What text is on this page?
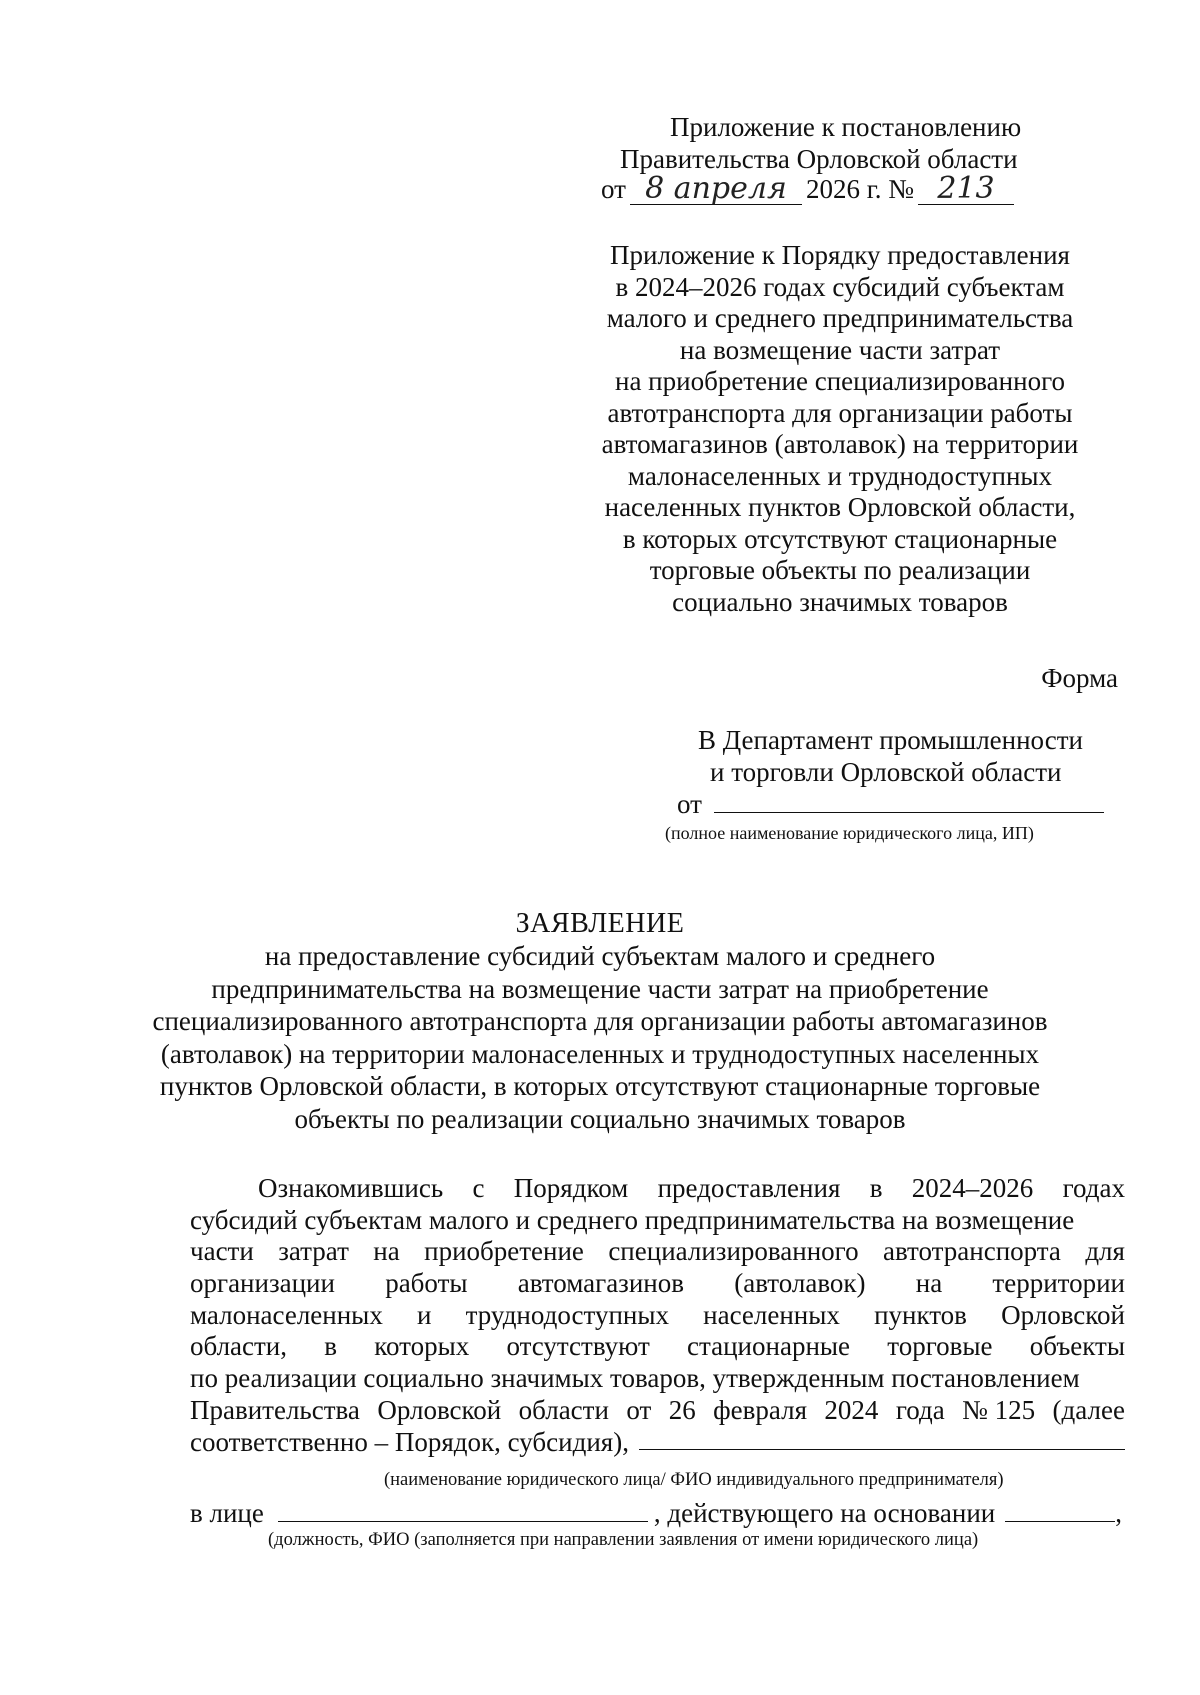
Приложение к постановлению
Правительства Орловской области
от 8 апреля 2026 г. № 213
Приложение к Порядку предоставления
в 2024–2026 годах субсидий субъектам
малого и среднего предпринимательства
на возмещение части затрат
на приобретение специализированного
автотранспорта для организации работы
автомагазинов (автолавок) на территории
малонаселенных и труднодоступных
населенных пунктов Орловской области,
в которых отсутствуют стационарные
торговые объекты по реализации
социально значимых товаров
Форма
В Департамент промышленности
и торговли Орловской области
от
(полное наименование юридического лица, ИП)
ЗАЯВЛЕНИЕ
на предоставление субсидий субъектам малого и среднего
предпринимательства на возмещение части затрат на приобретение
специализированного автотранспорта для организации работы автомагазинов
(автолавок) на территории малонаселенных и труднодоступных населенных
пунктов Орловской области, в которых отсутствуют стационарные торговые
объекты по реализации социально значимых товаров
Ознакомившись с Порядком предоставления в 2024–2026 годах
субсидий субъектам малого и среднего предпринимательства на возмещение
части затрат на приобретение специализированного автотранспорта для
организации работы автомагазинов (автолавок) на территории
малонаселенных и труднодоступных населенных пунктов Орловской
области, в которых отсутствуют стационарные торговые объекты
по реализации социально значимых товаров, утвержденным постановлением
Правительства Орловской области от 26 февраля 2024 года № 125 (далее
соответственно – Порядок, субсидия),
(наименование юридического лица/ ФИО индивидуального предпринимателя)
в лице	, действующего на основании	,
(должность, ФИО (заполняется при направлении заявления от имени юридического лица)
